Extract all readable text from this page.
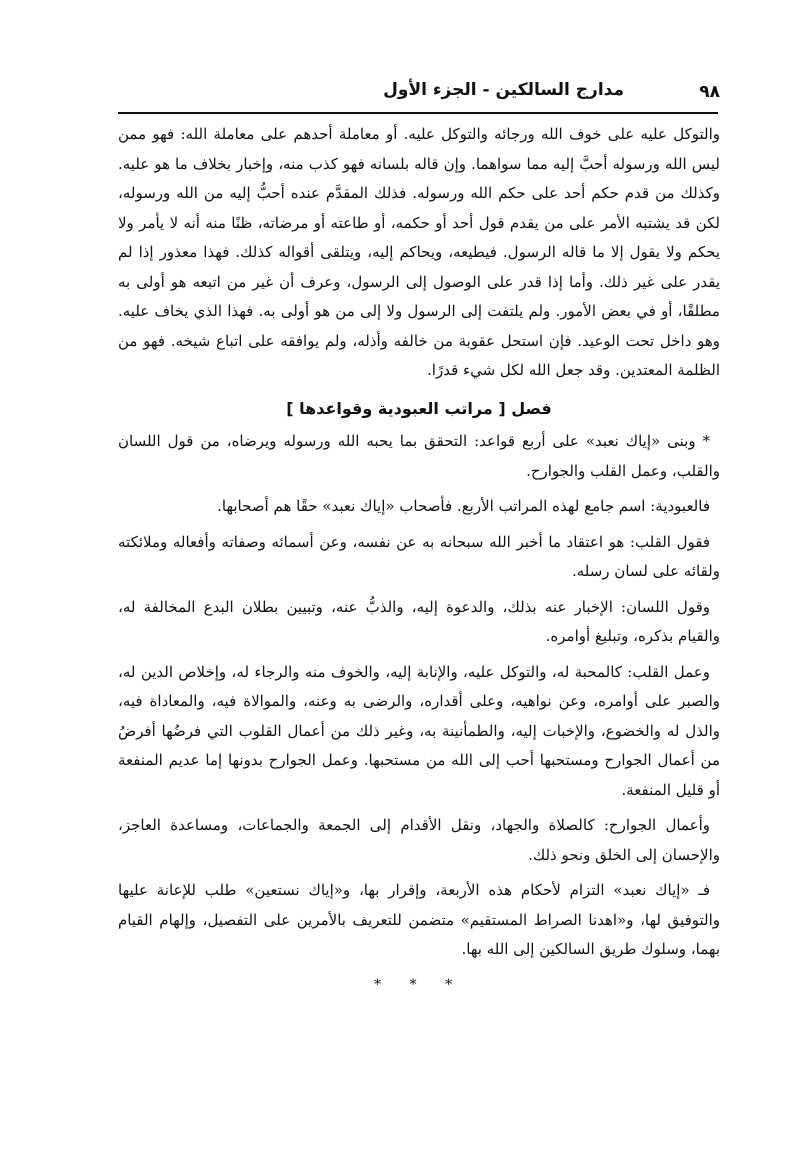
٩٨
مدارج السالكين - الجزء الأول

والتوكل عليه على خوف الله ورجائه والتوكل عليه. أو معاملة أحدهم على معاملة الله: فهو ممن ليس الله ورسوله أحبَّ إليه مما سواهما. وإن قاله بلسانه فهو كذب منه، وإخبار بخلاف ما هو عليه. وكذلك من قدم حكم أحد على حكم الله ورسوله. فذلك المقدَّم عنده أحبُّ إليه من الله ورسوله، لكن قد يشتبه الأمر على من يقدم قول أحد أو حكمه، أو طاعته أو مرضاته، ظنًا منه أنه لا يأمر ولا يحكم ولا يقول إلا ما قاله الرسول. فيطيعه، ويحاكم إليه، ويتلقى أقواله كذلك. فهذا معذور إذا لم يقدر على غير ذلك. وأما إذا قدر على الوصول إلى الرسول، وعرف أن غير من اتبعه هو أولى به مطلقًا، أو في بعض الأمور. ولم يلتفت إلى الرسول ولا إلى من هو أولى به. فهذا الذي يخاف عليه. وهو داخل تحت الوعيد. فإن استحل عقوبة من خالفه وأذله، ولم يوافقه على اتباع شيخه. فهو من الظلمة المعتدين. وقد جعل الله لكل شيء قدرًا.

فصل [ مراتب العبودية وقواعدها ]

* وبنى «إياك نعبد» على أربع قواعد: التحقق بما يحبه الله ورسوله ويرضاه، من قول اللسان والقلب، وعمل القلب والجوارح.

فالعبودية: اسم جامع لهذه المراتب الأربع. فأصحاب «إياك نعبد» حقًا هم أصحابها.

فقول القلب: هو اعتقاد ما أخبر الله سبحانه به عن نفسه، وعن أسمائه وصفاته وأفعاله وملائكته ولقائه على لسان رسله.

وقول اللسان: الإخبار عنه بذلك، والدعوة إليه، والذبُّ عنه، وتبيين بطلان البدع المخالفة له، والقيام بذكره، وتبليغ أوامره.

وعمل القلب: كالمحبة له، والتوكل عليه، والإنابة إليه، والخوف منه والرجاء له، وإخلاص الدين له، والصبر على أوامره، وعن نواهيه، وعلى أقداره، والرضى به وعنه، والموالاة فيه، والمعاداة فيه، والذل له والخضوع، والإخبات إليه، والطمأنينة به، وغير ذلك من أعمال القلوب التي فرضُها أفرضُ من أعمال الجوارح ومستحبها أحب إلى الله من مستحبها. وعمل الجوارح بدونها إما عديم المنفعة أو قليل المنفعة.

وأعمال الجوارح: كالصلاة والجهاد، ونقل الأقدام إلى الجمعة والجماعات، ومساعدة العاجز، والإحسان إلى الخلق ونحو ذلك.

فـ «إياك نعبد» التزام لأحكام هذه الأربعة، وإقرار بها، و«إياك نستعين» طلب للإعانة عليها والتوفيق لها، و«اهدنا الصراط المستقيم» متضمن للتعريف بالأمرين على التفصيل، وإلهام القيام بهما، وسلوك طريق السالكين إلى الله بها.

* * *
